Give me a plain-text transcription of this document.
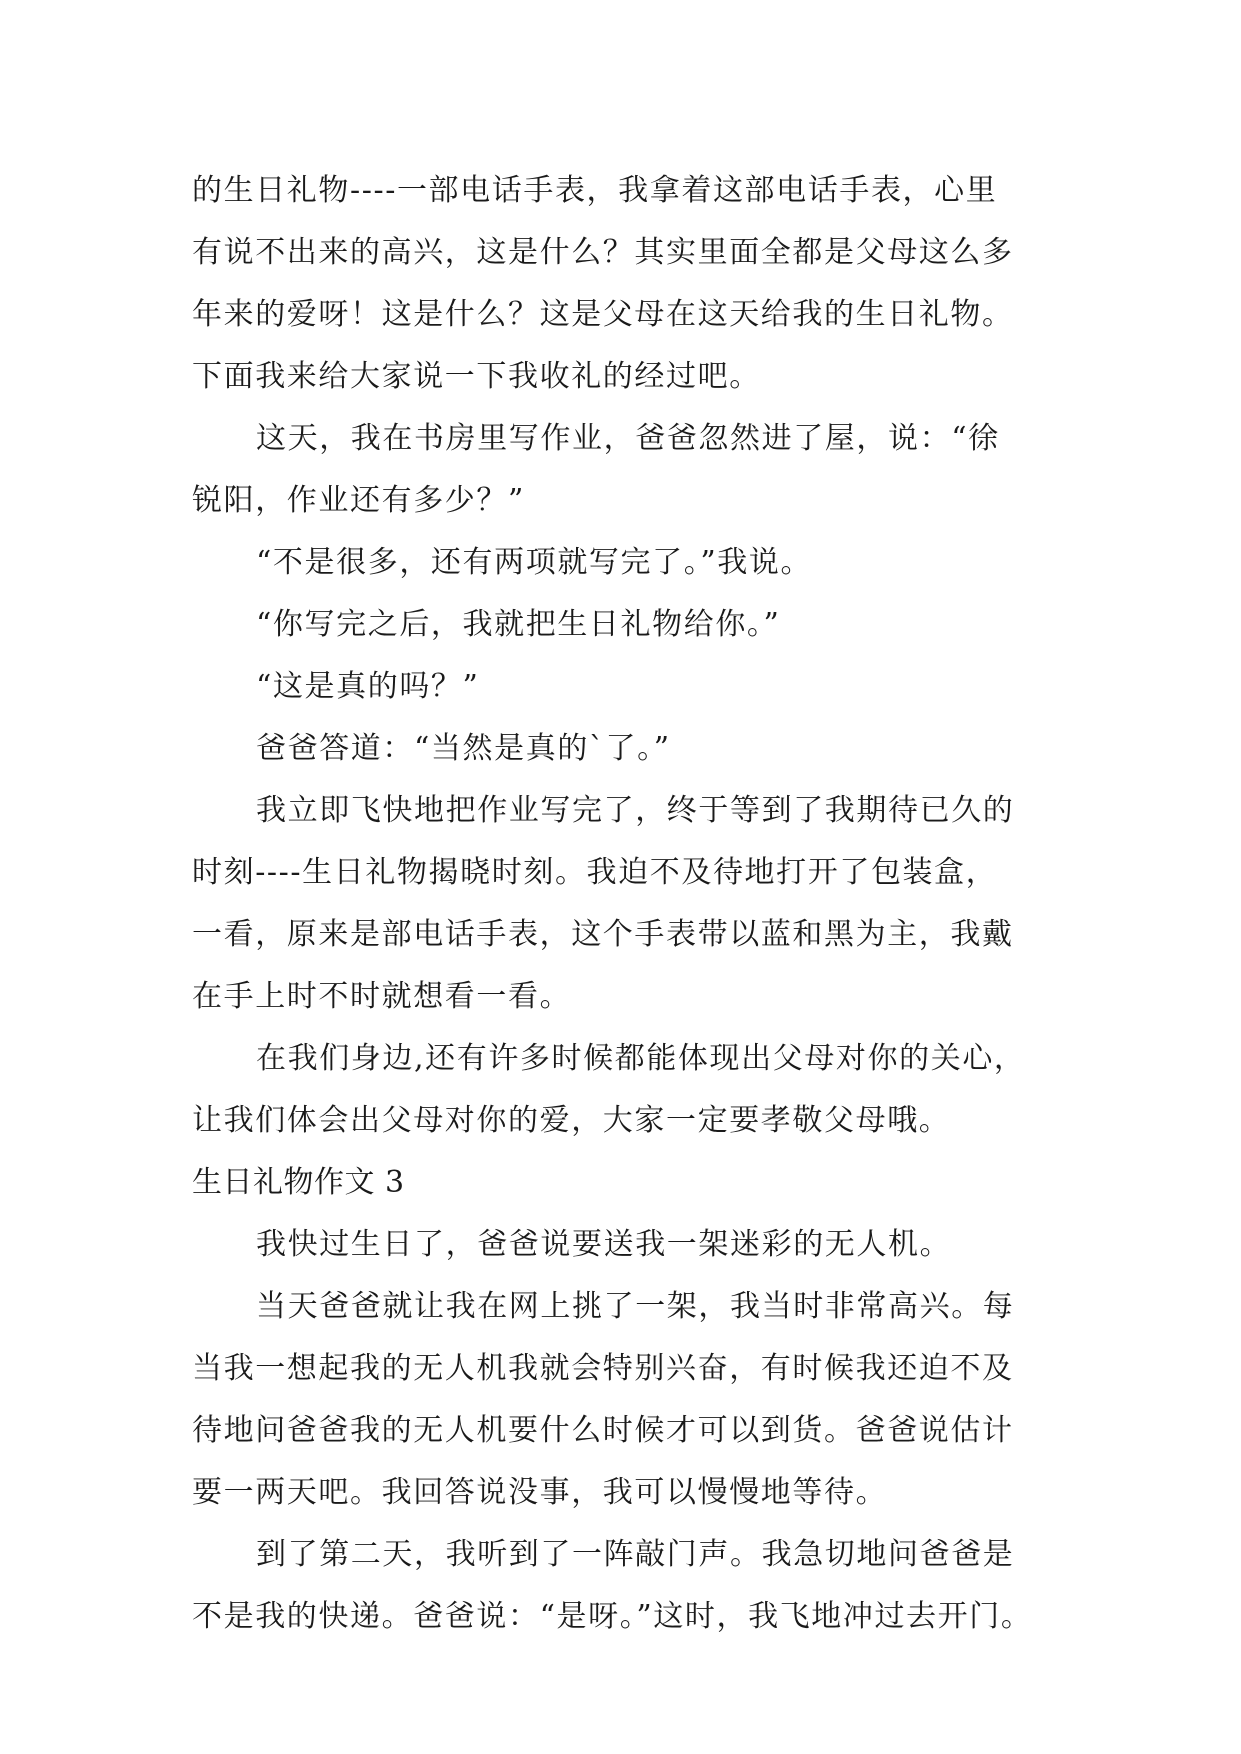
的生日礼物----一部电话手表，我拿着这部电话手表，心里
有说不出来的高兴，这是什么？其实里面全都是父母这么多
年来的爱呀！这是什么？这是父母在这天给我的生日礼物。
下面我来给大家说一下我收礼的经过吧。
这天，我在书房里写作业，爸爸忽然进了屋，说：“徐
锐阳，作业还有多少？”
“不是很多，还有两项就写完了。”我说。
“你写完之后，我就把生日礼物给你。”
“这是真的吗？”
爸爸答道：“当然是真的`了。”
我立即飞快地把作业写完了，终于等到了我期待已久的
时刻----生日礼物揭晓时刻。我迫不及待地打开了包装盒，
一看，原来是部电话手表，这个手表带以蓝和黑为主，我戴
在手上时不时就想看一看。
在我们身边,还有许多时候都能体现出父母对你的关心，
让我们体会出父母对你的爱，大家一定要孝敬父母哦。
生日礼物作文 3
我快过生日了，爸爸说要送我一架迷彩的无人机。
当天爸爸就让我在网上挑了一架，我当时非常高兴。每
当我一想起我的无人机我就会特别兴奋，有时候我还迫不及
待地问爸爸我的无人机要什么时候才可以到货。爸爸说估计
要一两天吧。我回答说没事，我可以慢慢地等待。
到了第二天，我听到了一阵敲门声。我急切地问爸爸是
不是我的快递。爸爸说：“是呀。”这时，我飞地冲过去开门。
